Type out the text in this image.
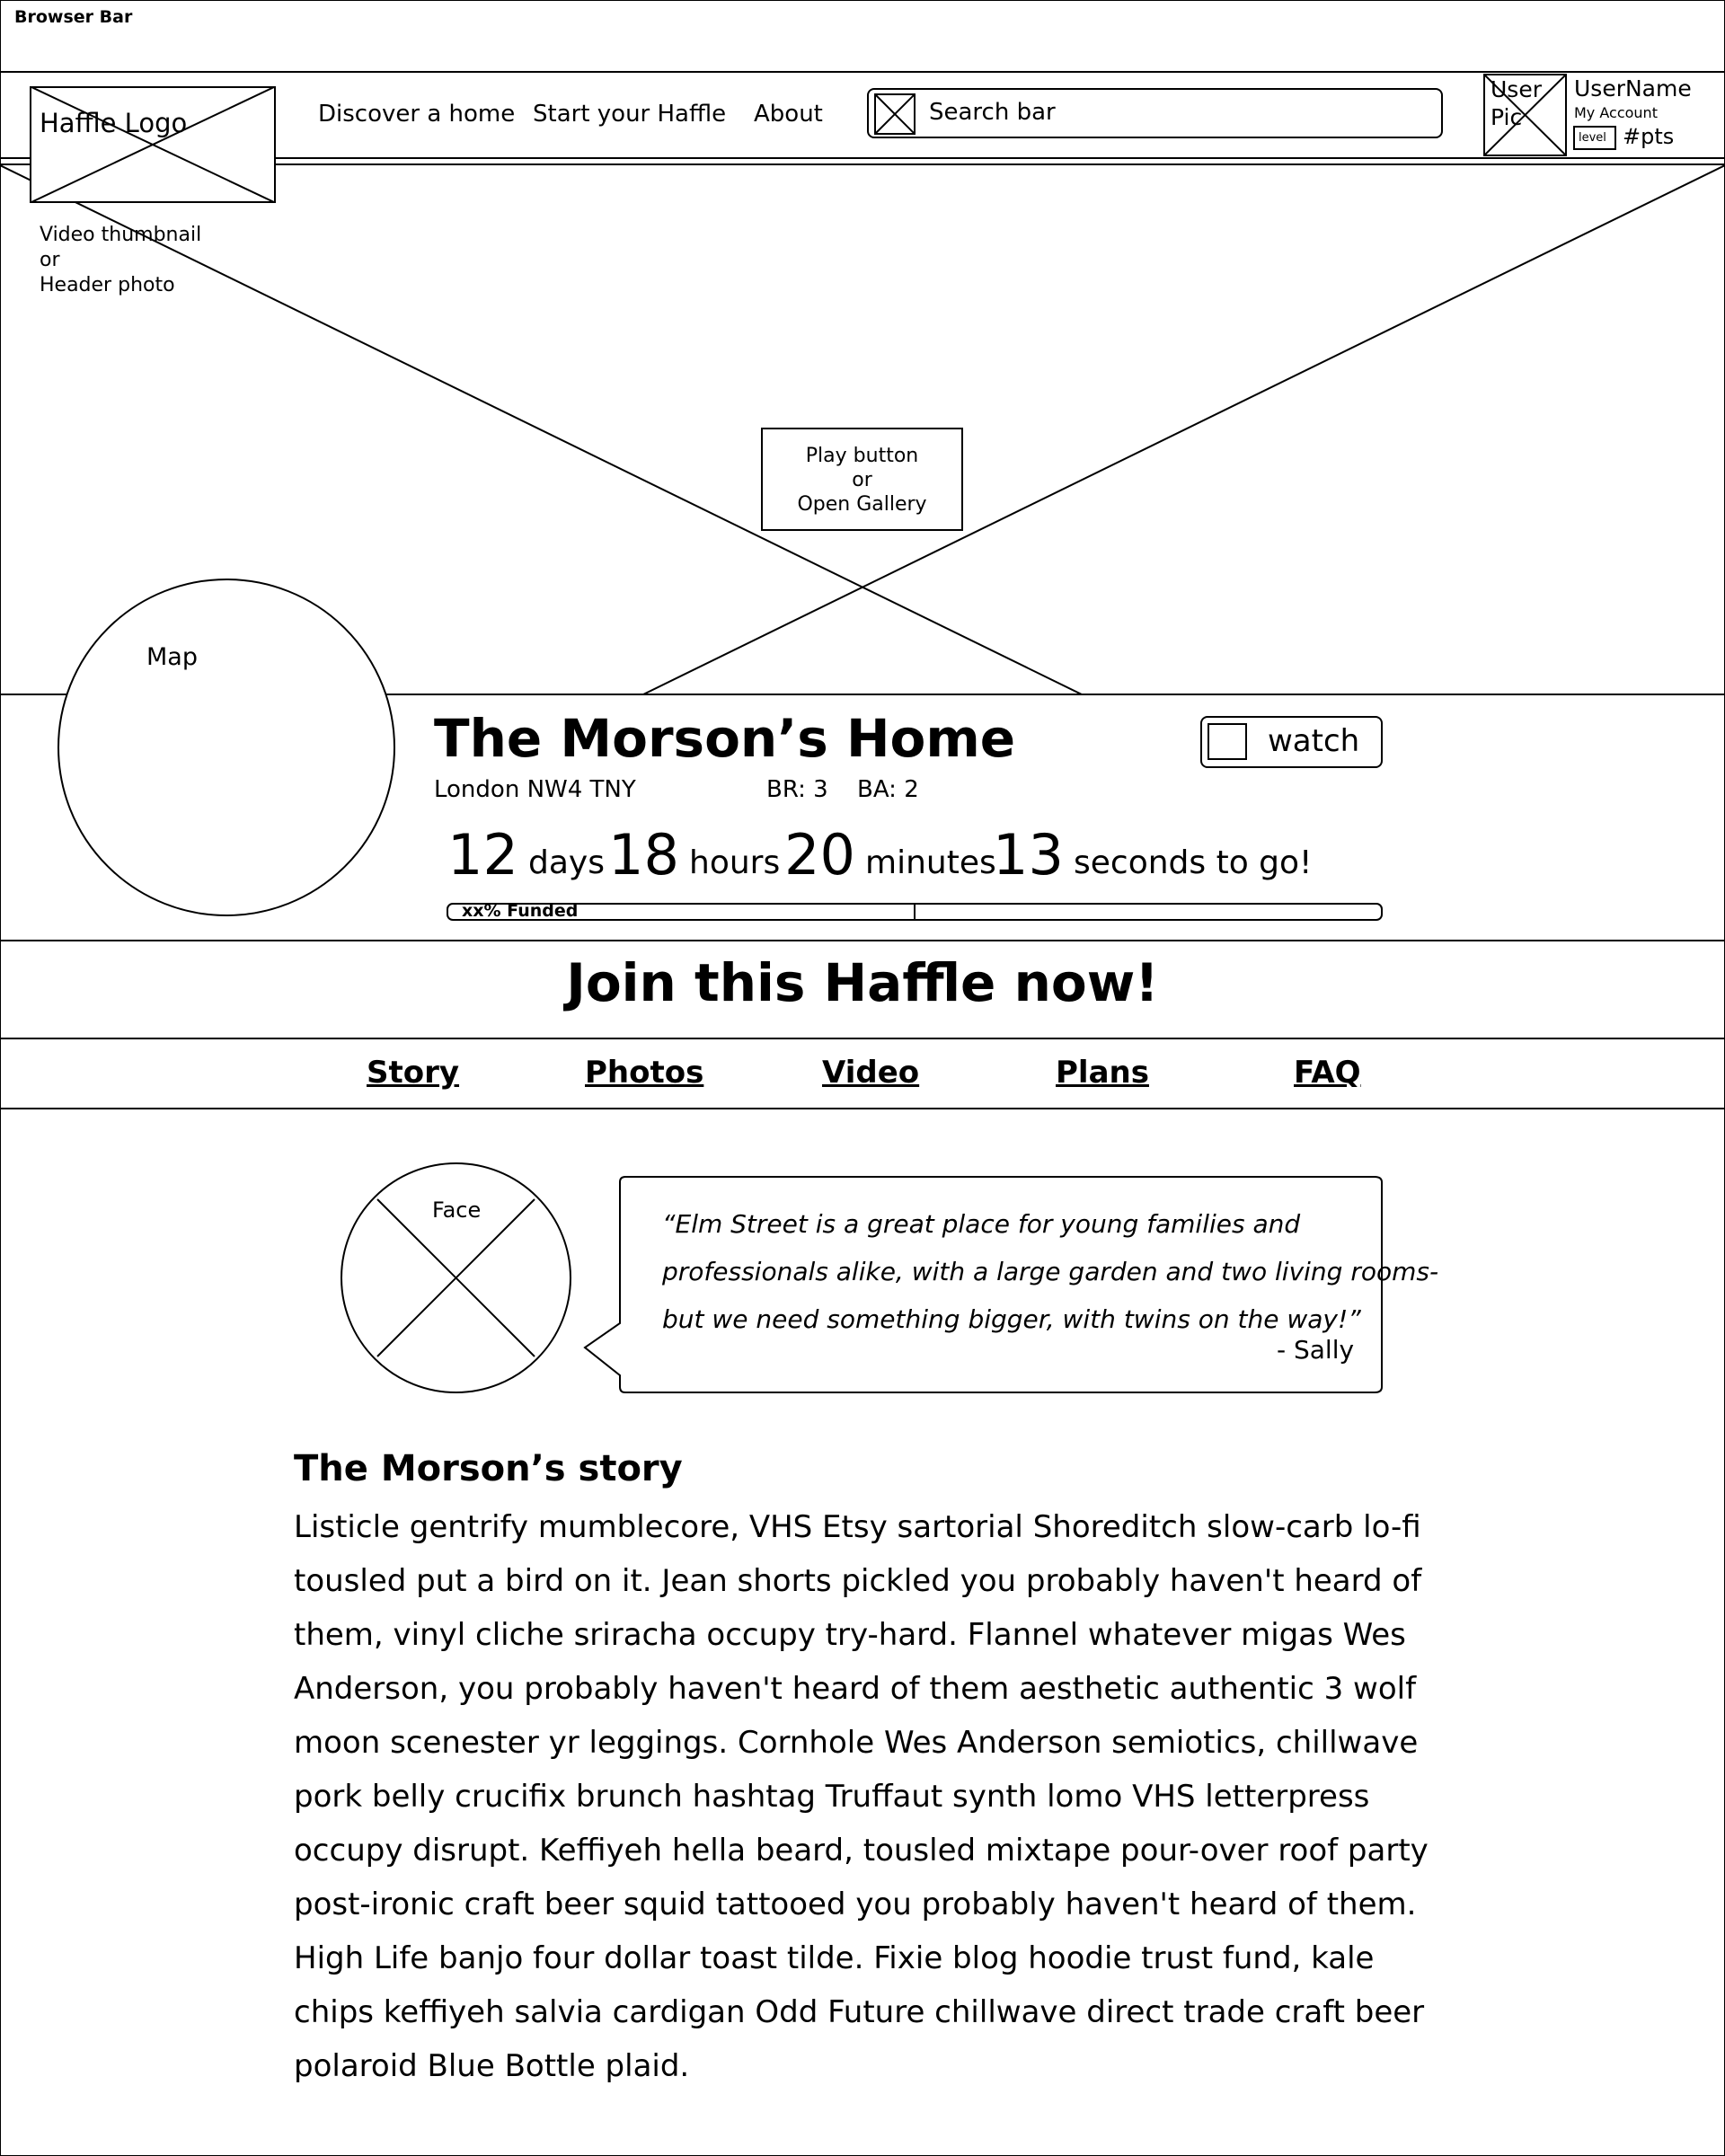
Browser Bar
Haffle Logo	Discover a home Start your Haffle About	Search bar
User Pic
UserName
My Account
level #pts
Video thumbnail
or
Header photo
Play button
or
Open Gallery
Map
The Morson’s Home
London NW4 TNY	BR: 3 BA: 2
watch
12 days 18 hours 20 minutes
13 seconds to go!
xx% Funded
Join this Haffle now!
Story	Photos	Video	Plans	FAQ
Face	“Elm Street is a great place for young families and
professionals alike, with a large garden and two living rooms-
but we need something bigger, with twins on the way!”
- Sally
The Morson’s story
Listicle gentrify mumblecore, VHS Etsy sartorial Shoreditch slow-carb lo-fi tousled put a bird on it. Jean shorts pickled you probably haven't heard of them, vinyl cliche sriracha occupy try-hard. Flannel whatever migas Wes Anderson, you probably haven't heard of them aesthetic authentic 3 wolf moon scenester yr leggings. Cornhole Wes Anderson semiotics, chillwave pork belly crucifix brunch hashtag Truffaut synth lomo VHS letterpress occupy disrupt. Keffiyeh hella beard, tousled mixtape pour-over roof party post-ironic craft beer squid tattooed you probably haven't heard of them. High Life banjo four dollar toast tilde. Fixie blog hoodie trust fund, kale chips keffiyeh salvia cardigan Odd Future chillwave direct trade craft beer polaroid Blue Bottle plaid.
